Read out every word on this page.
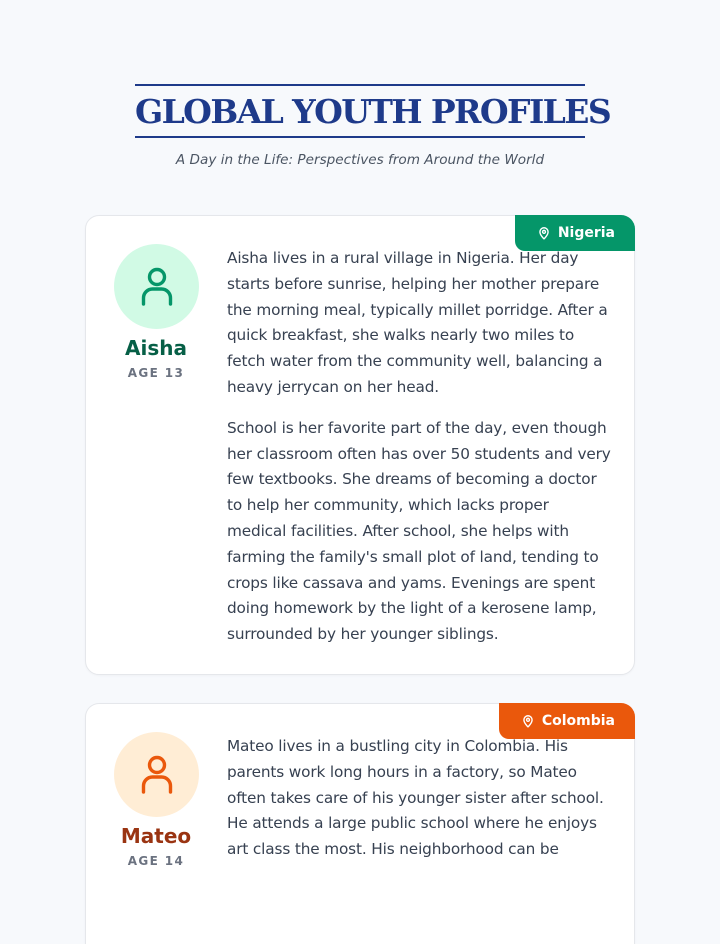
GLOBAL YOUTH PROFILES
A Day in the Life: Perspectives from Around the World
Nigeria
Aisha
AGE 13

Aisha lives in a rural village in Nigeria. Her day starts before sunrise, helping her mother prepare the morning meal, typically millet porridge. After a quick breakfast, she walks nearly two miles to fetch water from the community well, balancing a heavy jerrycan on her head.

School is her favorite part of the day, even though her classroom often has over 50 students and very few textbooks. She dreams of becoming a doctor to help her community, which lacks proper medical facilities. After school, she helps with farming the family's small plot of land, tending to crops like cassava and yams. Evenings are spent doing homework by the light of a kerosene lamp, surrounded by her younger siblings.

Colombia
Mateo
AGE 14

Mateo lives in a bustling city in Colombia. His parents work long hours in a factory, so Mateo often takes care of his younger sister after school. He attends a large public school where he enjoys art class the most. His neighborhood can be
